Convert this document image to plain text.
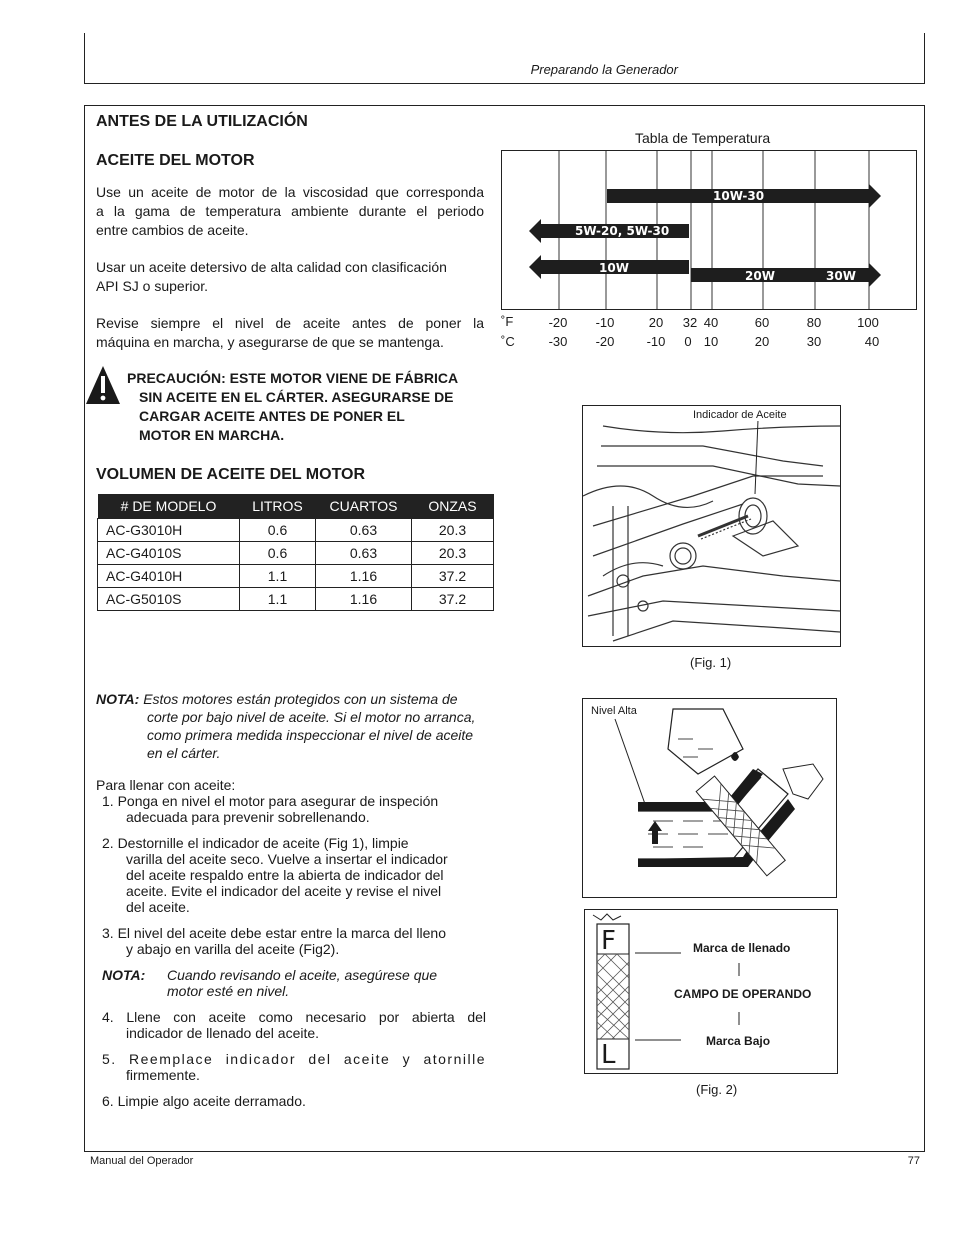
Preparando la Generador
ANTES DE LA UTILIZACIÓN
ACEITE DEL MOTOR
Use un aceite de motor de la viscosidad que corresponda
a la gama de temperatura ambiente durante el periodo
entre cambios de aceite.
Usar un aceite detersivo de alta calidad con clasificación
API SJ o superior.
Revise siempre el nivel de aceite antes de poner la
máquina en marcha, y asegurarse de que se mantenga.
PRECAUCIÓN: ESTE MOTOR VIENE DE FÁBRICA
SIN ACEITE EN EL CÁRTER. ASEGURARSE DE
CARGAR ACEITE ANTES DE PONER EL
MOTOR EN MARCHA.
VOLUMEN DE ACEITE DEL MOTOR
# DE MODELO	LITROS	CUARTOS	ONZAS
AC-G3010H	0.6	0.63	20.3
AC-G4010S	0.6	0.63	20.3
AC-G4010H	1.1	1.16	37.2
AC-G5010S	1.1	1.16	37.2
Tabla de Temperatura
10W-30
5W-20, 5W-30
10W
20W	30W
˚F
˚C
-20	-10	20	32 40	60	80	100
-30	-20	-10	0 10	20	30	40
Indicador de Aceite
(Fig. 1)
Nivel Alta
F
L
Marca de llenado
CAMPO DE OPERANDO
Marca Bajo
(Fig. 2)
NOTA: Estos motores están protegidos con un sistema de
corte por bajo nivel de aceite. Si el motor no arranca,
como primera medida inspeccionar el nivel de aceite
en el cárter.
Para llenar con aceite:
1. Ponga en nivel el motor para asegurar de inspeción
adecuada para prevenir sobrellenando.
2. Destornille el indicador de aceite (Fig 1), limpie
varilla del aceite seco. Vuelve a insertar el indicador
del aceite respaldo entre la abierta de indicador del
aceite. Evite el indicador del aceite y revise el nivel
del aceite.
3. El nivel del aceite debe estar entre la marca del lleno
y abajo en varilla del aceite (Fig2).
NOTA:	Cuando revisando el aceite, asegúrese que
motor esté en nivel.
4. Llene con aceite como necesario por abierta del
indicador de llenado del aceite.
5. Reemplace indicador del aceite y atornille
firmemente.
6. Limpie algo aceite derramado.
Manual del Operador	77
